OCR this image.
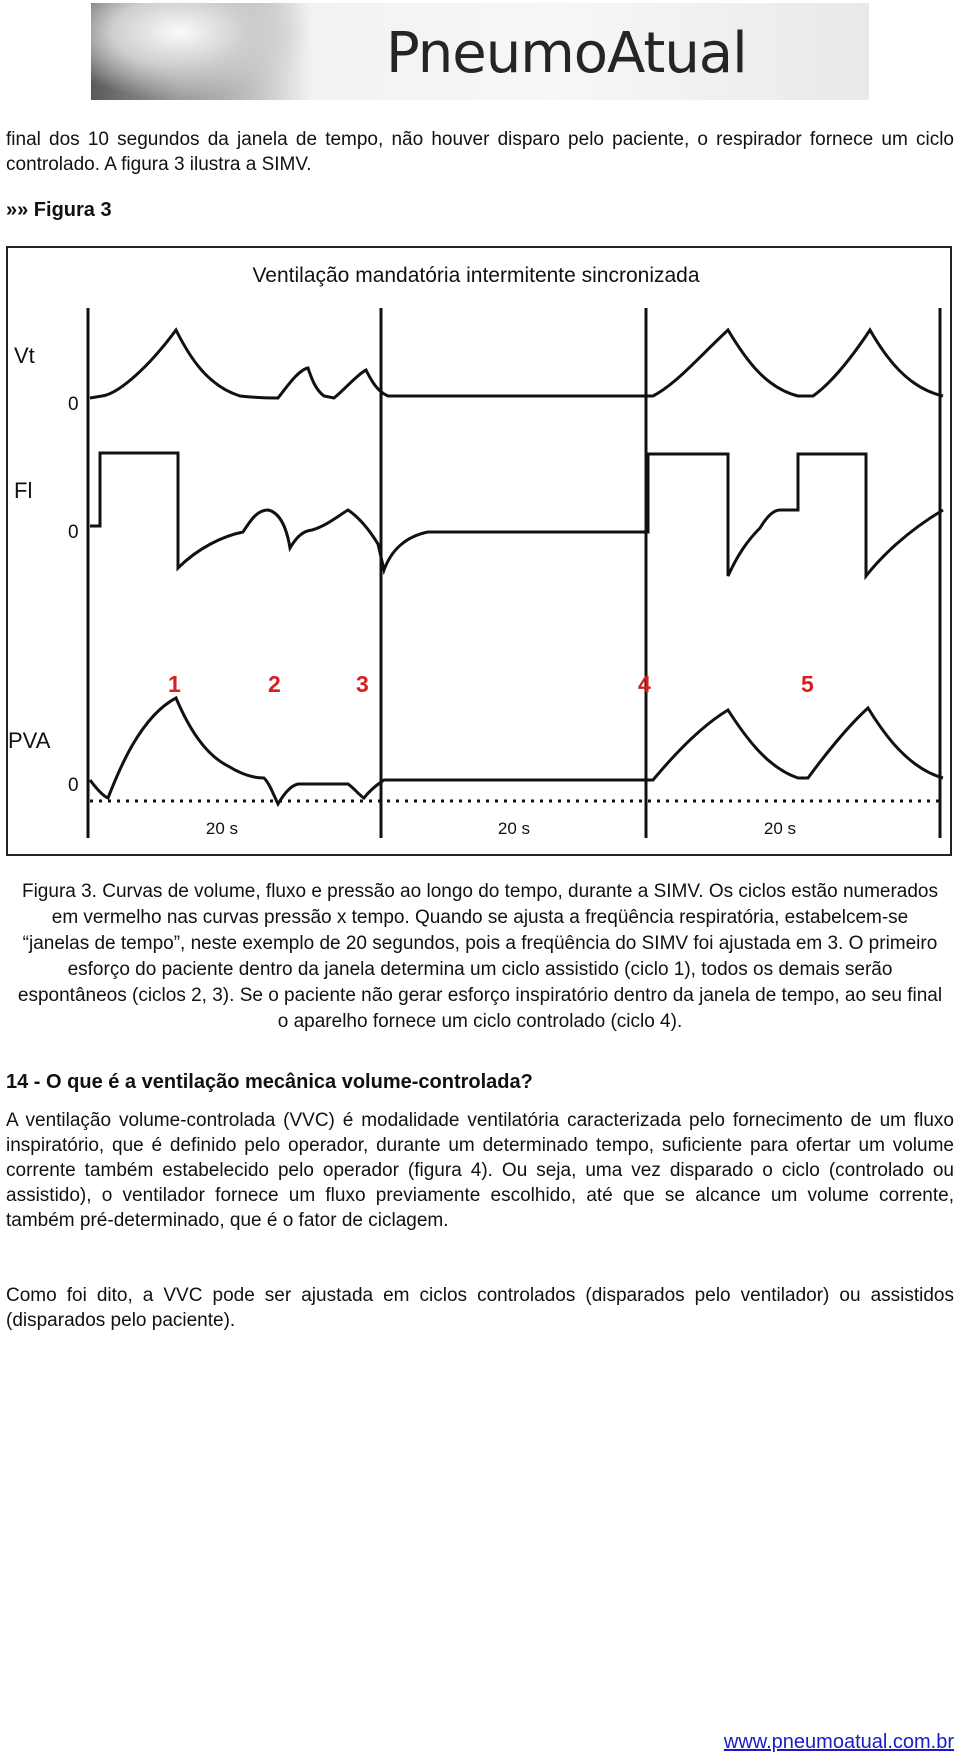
PneumoAtual

final dos 10 segundos da janela de tempo, não houver disparo pelo paciente, o respirador fornece um ciclo controlado. A figura 3 ilustra a SIMV.

»» Figura 3
Ventilação mandatória intermitente sincronizada
Vt
Fl
PVA
0
0
0
1	2	3	4	5
20 s	20 s	20 s

Figura 3. Curvas de volume, fluxo e pressão ao longo do tempo, durante a SIMV. Os ciclos estão numerados em vermelho nas curvas pressão x tempo. Quando se ajusta a freqüência respiratória, estabelcem-se “janelas de tempo”, neste exemplo de 20 segundos, pois a freqüência do SIMV foi ajustada em 3. O primeiro esforço do paciente dentro da janela determina um ciclo assistido (ciclo 1), todos os demais serão espontâneos (ciclos 2, 3). Se o paciente não gerar esforço inspiratório dentro da janela de tempo, ao seu final o aparelho fornece um ciclo controlado (ciclo 4).

14 - O que é a ventilação mecânica volume-controlada?

A ventilação volume-controlada (VVC) é modalidade ventilatória caracterizada pelo fornecimento de um fluxo inspiratório, que é definido pelo operador, durante um determinado tempo, suficiente para ofertar um volume corrente também estabelecido pelo operador (figura 4). Ou seja, uma vez disparado o ciclo (controlado ou assistido), o ventilador fornece um fluxo previamente escolhido, até que se alcance um volume corrente, também pré-determinado, que é o fator de ciclagem.

Como foi dito, a VVC pode ser ajustada em ciclos controlados (disparados pelo ventilador) ou assistidos (disparados pelo paciente).

www.pneumoatual.com.br
